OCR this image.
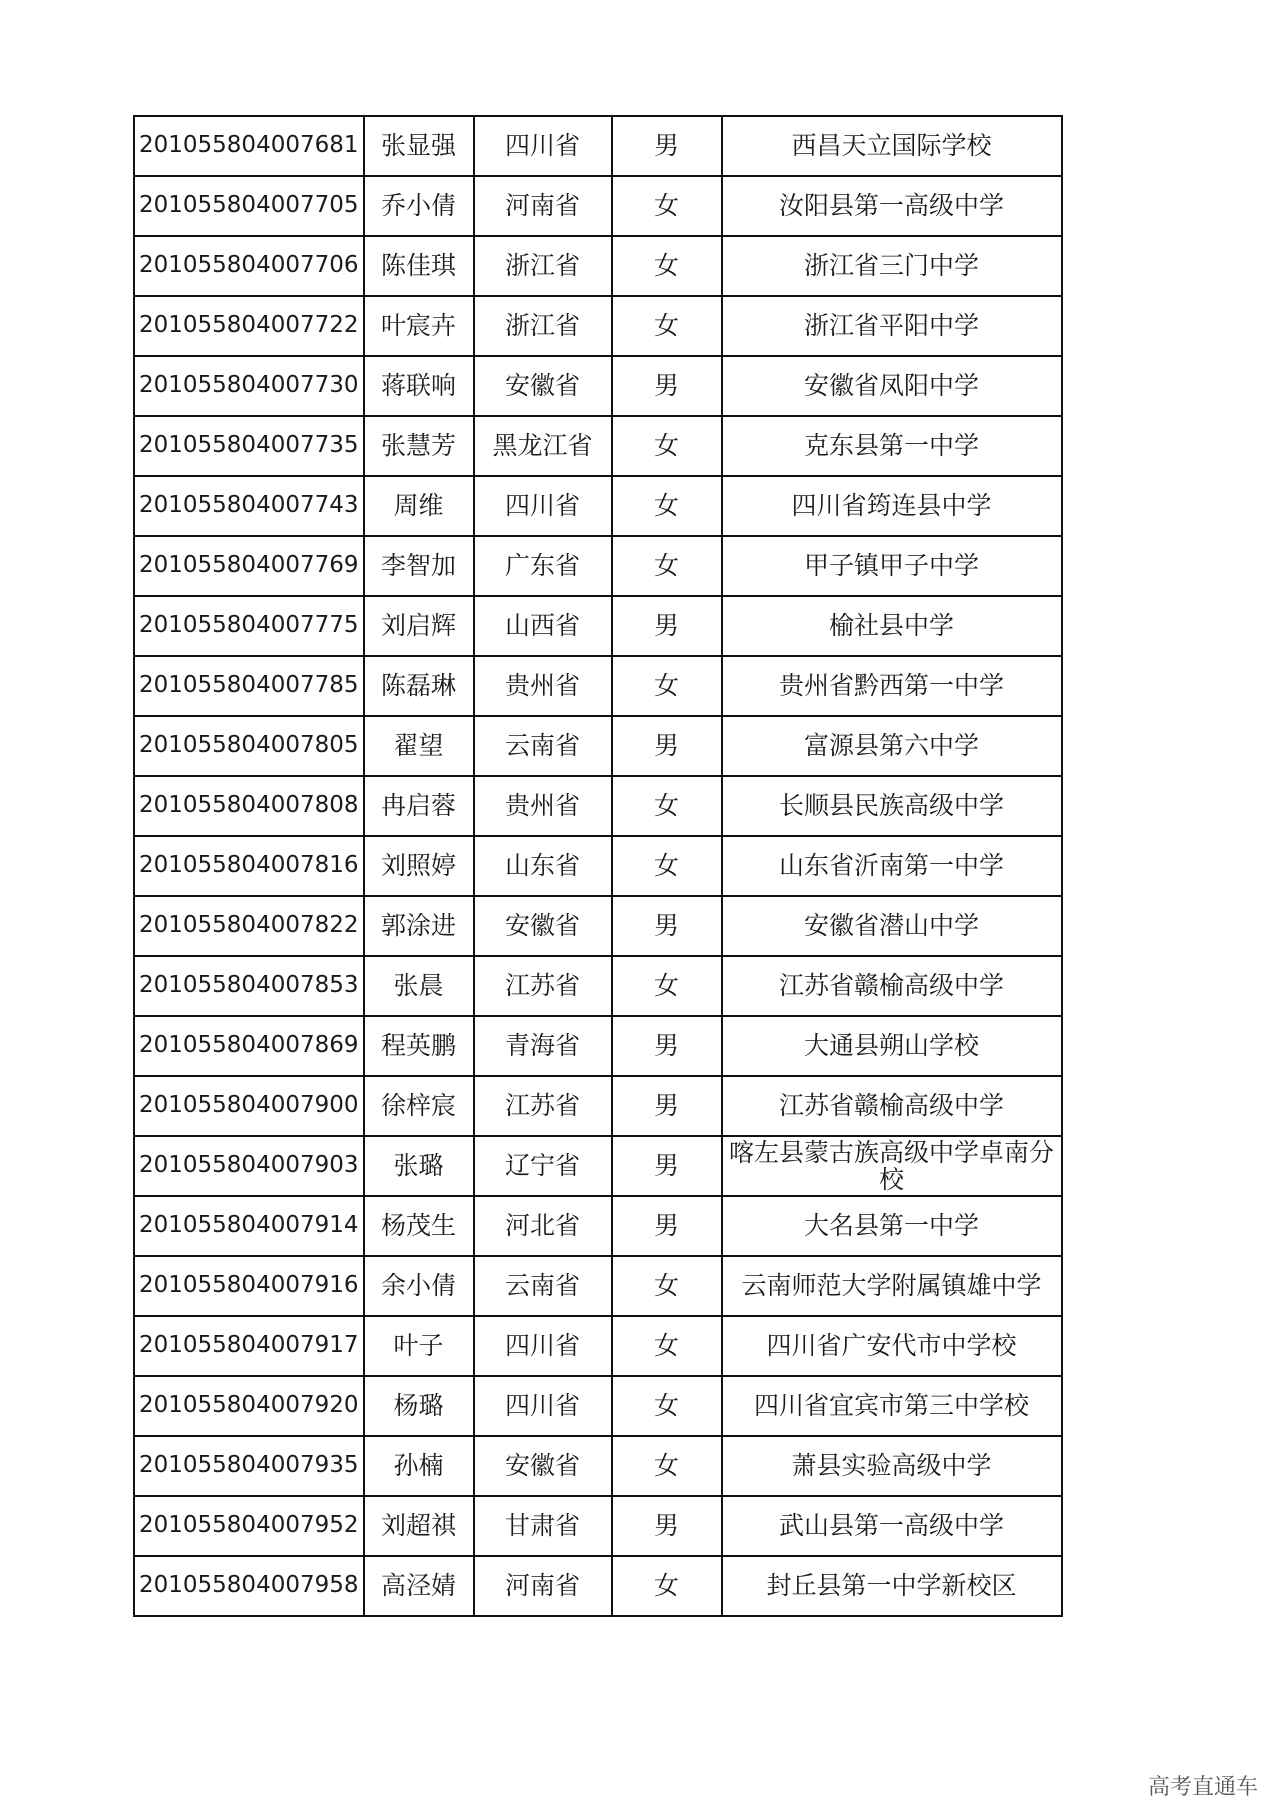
201055804007681	张显强	四川省	男	西昌天立国际学校
201055804007705	乔小倩	河南省	女	汝阳县第一高级中学
201055804007706	陈佳琪	浙江省	女	浙江省三门中学
201055804007722	叶宸卉	浙江省	女	浙江省平阳中学
201055804007730	蒋联响	安徽省	男	安徽省凤阳中学
201055804007735	张慧芳	黑龙江省	女	克东县第一中学
201055804007743	周维	四川省	女	四川省筠连县中学
201055804007769	李智加	广东省	女	甲子镇甲子中学
201055804007775	刘启辉	山西省	男	榆社县中学
201055804007785	陈磊琳	贵州省	女	贵州省黔西第一中学
201055804007805	翟望	云南省	男	富源县第六中学
201055804007808	冉启蓉	贵州省	女	长顺县民族高级中学
201055804007816	刘照婷	山东省	女	山东省沂南第一中学
201055804007822	郭涂进	安徽省	男	安徽省潜山中学
201055804007853	张晨	江苏省	女	江苏省赣榆高级中学
201055804007869	程英鹏	青海省	男	大通县朔山学校
201055804007900	徐梓宸	江苏省	男	江苏省赣榆高级中学
201055804007903	张璐	辽宁省	男	喀左县蒙古族高级中学卓南分校
201055804007914	杨茂生	河北省	男	大名县第一中学
201055804007916	余小倩	云南省	女	云南师范大学附属镇雄中学
201055804007917	叶子	四川省	女	四川省广安代市中学校
201055804007920	杨璐	四川省	女	四川省宜宾市第三中学校
201055804007935	孙楠	安徽省	女	萧县实验高级中学
201055804007952	刘超祺	甘肃省	男	武山县第一高级中学
201055804007958	高泾婧	河南省	女	封丘县第一中学新校区
高考直通车
